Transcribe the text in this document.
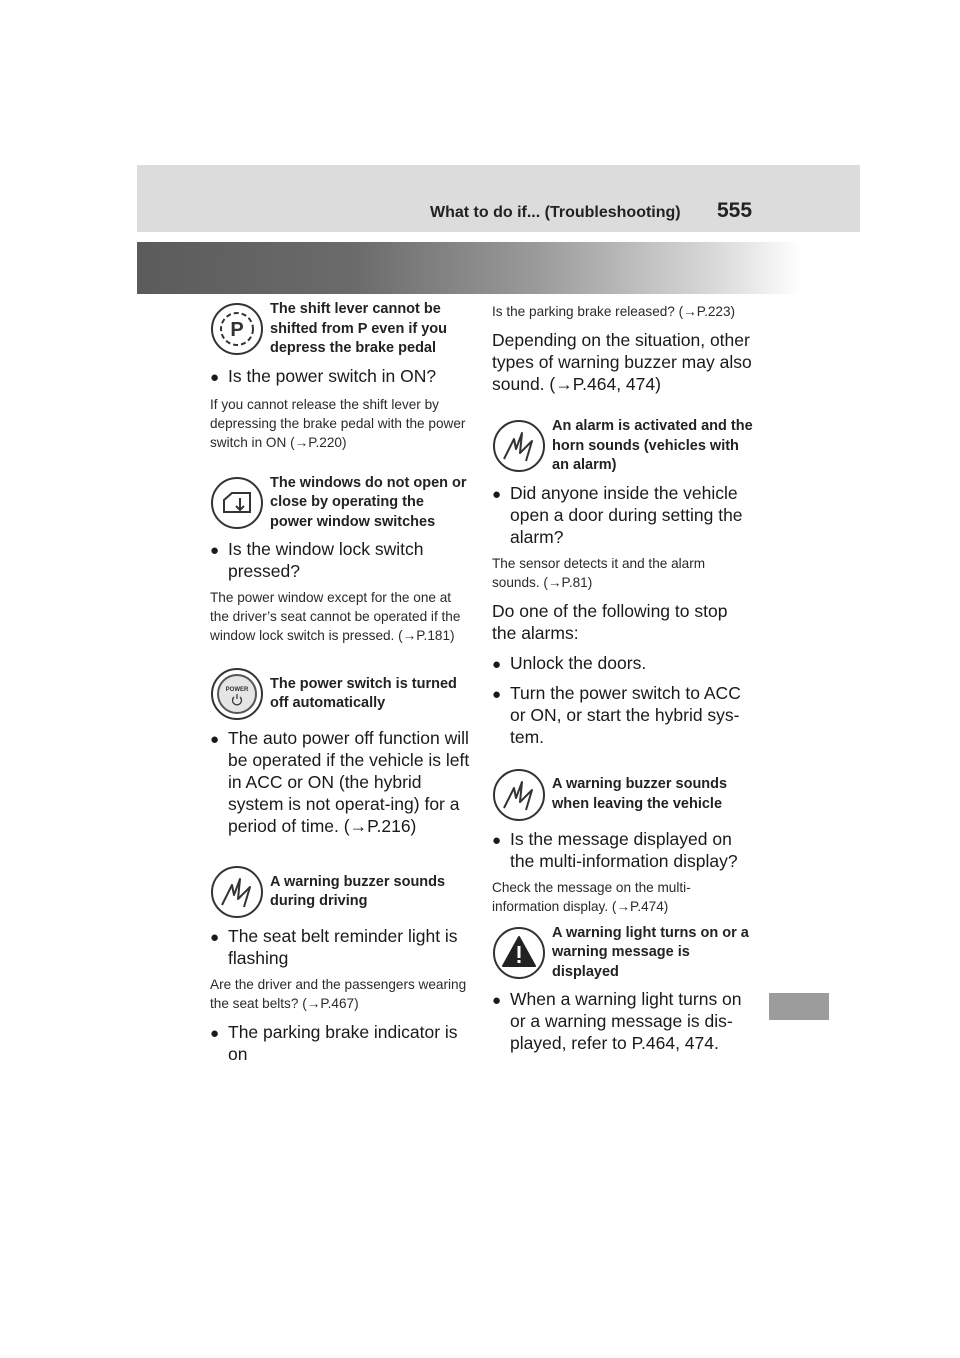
What to do if... (Troubleshooting) 555
P
The shift lever cannot be shifted from P even if you depress the brake pedal
● Is the power switch in ON?
If you cannot release the shift lever by depressing the brake pedal with the power switch in ON (→P.220)
The windows do not open or close by operating the power window switches
● Is the window lock switch pressed?
The power window except for the one at the driver’s seat cannot be operated if the window lock switch is pressed. (→P.181)
POWER The power switch is turned off automatically
● The auto power off function will be operated if the vehicle is left in ACC or ON (the hybrid system is not operat-ing) for a period of time. (→P.216)
A warning buzzer sounds during driving
● The seat belt reminder light is flashing
Are the driver and the passengers wearing the seat belts? (→P.467)
● The parking brake indicator is on
Is the parking brake released? (→P.223)
Depending on the situation, other types of warning buzzer may also sound. (→P.464, 474)
An alarm is activated and the horn sounds (vehicles with an alarm)
● Did anyone inside the vehicle open a door during setting the alarm?
The sensor detects it and the alarm sounds. (→P.81)
Do one of the following to stop the alarms:
● Unlock the doors.
● Turn the power switch to ACC or ON, or start the hybrid sys-tem.
A warning buzzer sounds when leaving the vehicle
● Is the message displayed on the multi-information display?
Check the message on the multi-information display. (→P.474)
A warning light turns on or a warning message is displayed
● When a warning light turns on or a warning message is dis-played, refer to P.464, 474.
